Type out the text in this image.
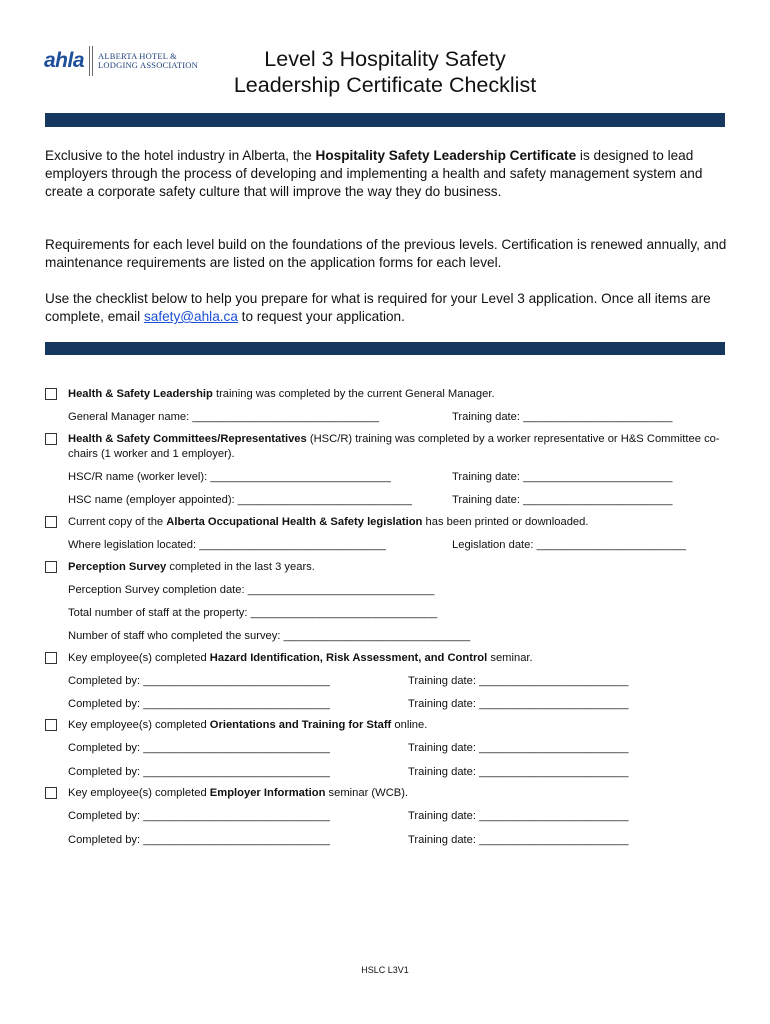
ahla ALBERTA HOTEL &
LODGING ASSOCIATION	Level 3 Hospitality Safety
Leadership Certificate Checklist
Exclusive to the hotel industry in Alberta, the Hospitality Safety Leadership Certificate is designed to lead employers through the process of developing and implementing a health and safety management system and create a corporate safety culture that will improve the way they do business.
Requirements for each level build on the foundations of the previous levels. Certification is renewed annually, and maintenance requirements are listed on the application forms for each level.
Use the checklist below to help you prepare for what is required for your Level 3 application. Once all items are complete, email safety@ahla.ca to request your application.
Health & Safety Leadership training was completed by the current General Manager.
General Manager name: ______________________________	Training date: ________________________
Health & Safety Committees/Representatives (HSC/R) training was completed by a worker representative or H&S Committee co-chairs (1 worker and 1 employer).
HSC/R name (worker level): _____________________________	Training date: ________________________
HSC name (employer appointed): ____________________________	Training date: ________________________
Current copy of the Alberta Occupational Health & Safety legislation has been printed or downloaded.
Where legislation located: ______________________________	Legislation date: ________________________
Perception Survey completed in the last 3 years.
Perception Survey completion date: ______________________________
Total number of staff at the property: ______________________________
Number of staff who completed the survey: ______________________________
Key employee(s) completed Hazard Identification, Risk Assessment, and Control seminar.
Completed by: ______________________________	Training date: ________________________
Completed by: ______________________________	Training date: ________________________
Key employee(s) completed Orientations and Training for Staff online.
Completed by: ______________________________	Training date: ________________________
Completed by: ______________________________	Training date: ________________________
Key employee(s) completed Employer Information seminar (WCB).
Completed by: ______________________________	Training date: ________________________
Completed by: ______________________________	Training date: ________________________
HSLC L3V1
